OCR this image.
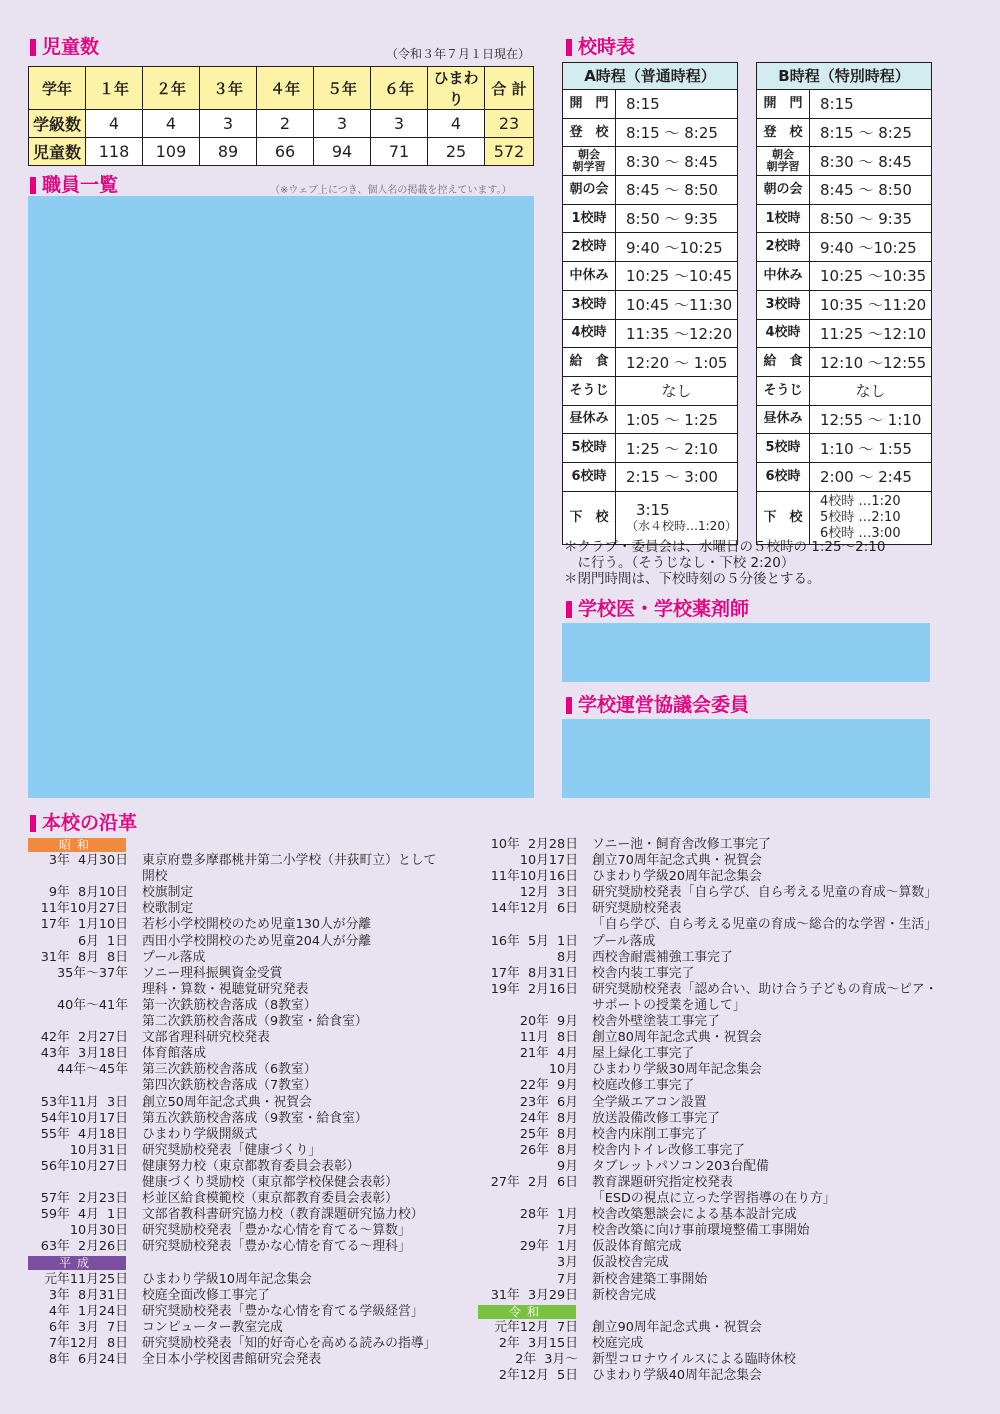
児童数	（令和３年７月１日現在）
学年	１年	２年	３年	４年	５年	６年	ひまわり	合 計
学級数	4	4	3	2	3	3	4	23
児童数	118	109	89	66	94	71	25	572
職員一覧	（※ウェブ上につき、個人名の掲載を控えています。）
校時表
A時程（普通時程）
開　門	8:15
登　校	8:15 〜 8:25
朝会
朝学習	8:30 〜 8:45
朝の会	8:45 〜 8:50
1校時	8:50 〜 9:35
2校時	9:40 〜10:25
中休み	10:25 〜10:45
3校時	10:45 〜11:30
4校時	11:35 〜12:20
給　食	12:20 〜 1:05
そうじ	なし
昼休み	1:05 〜 1:25
5校時	1:25 〜 2:10
6校時	2:15 〜 3:00
下　校	3:15
（水４校時…1:20）
B時程（特別時程）
開　門	8:15
登　校	8:15 〜 8:25
朝会
朝学習	8:30 〜 8:45
朝の会	8:45 〜 8:50
1校時	8:50 〜 9:35
2校時	9:40 〜10:25
中休み	10:25 〜10:35
3校時	10:35 〜11:20
4校時	11:25 〜12:10
給　食	12:10 〜12:55
そうじ	なし
昼休み	12:55 〜 1:10
5校時	1:10 〜 1:55
6校時	2:00 〜 2:45
下　校
4校時 …1:20
5校時 …2:10
6校時 …3:00
＊クラブ・委員会は、水曜日の５校時の 1:25〜2:10
　に行う。（そうじなし・下校 2:20）
＊閉門時間は、下校時刻の５分後とする。
学校医・学校薬剤師
学校運営協議会委員
本校の沿革
昭和
3年  4月30日 東京府豊多摩郡桃井第二小学校（井荻町立）として
開校
9年  8月10日 校旗制定
11年10月27日 校歌制定
17年  1月10日 若杉小学校開校のため児童130人が分離
6月  1日 西田小学校開校のため児童204人が分離
31年  8月  8日 プール落成
35年〜37年 ソニー理科振興資金受賞
理科・算数・視聴覚研究発表
40年〜41年 第一次鉄筋校舎落成（8教室）
第二次鉄筋校舎落成（9教室・給食室）
42年  2月27日 文部省理科研究校発表
43年  3月18日 体育館落成
44年〜45年 第三次鉄筋校舎落成（6教室）
第四次鉄筋校舎落成（7教室）
53年11月  3日 創立50周年記念式典・祝賀会
54年10月17日 第五次鉄筋校舎落成（9教室・給食室）
55年  4月18日 ひまわり学級開級式
10月31日 研究奨励校発表「健康づくり」
56年10月27日 健康努力校（東京都教育委員会表彰）
健康づくり奨励校（東京都学校保健会表彰）
57年  2月23日 杉並区給食模範校（東京都教育委員会表彰）
59年  4月  1日 文部省教科書研究協力校（教育課題研究協力校）
10月30日 研究奨励校発表「豊かな心情を育てる〜算数」
63年  2月26日 研究奨励校発表「豊かな心情を育てる〜理科」
平成
元年11月25日 ひまわり学級10周年記念集会
3年  8月31日 校庭全面改修工事完了
4年  1月24日 研究奨励校発表「豊かな心情を育てる学級経営」
6年  3月  7日 コンピューター教室完成
7年12月  8日 研究奨励校発表「知的好奇心を高める読みの指導」
8年  6月24日 全日本小学校図書館研究会発表
10年  2月28日 ソニー池・飼育舎改修工事完了
10月17日 創立70周年記念式典・祝賀会
11年10月16日 ひまわり学級20周年記念集会
12月  3日 研究奨励校発表「自ら学び、自ら考える児童の育成〜算数」
14年12月  6日 研究奨励校発表
「自ら学び、自ら考える児童の育成〜総合的な学習・生活」
16年  5月  1日 プール落成
8月 西校舎耐震補強工事完了
17年  8月31日 校舎内装工事完了
19年  2月16日 研究奨励校発表「認め合い、助け合う子どもの育成〜ピア・
サポートの授業を通して」
20年  9月 校舎外壁塗装工事完了
11月  8日 創立80周年記念式典・祝賀会
21年  4月 屋上緑化工事完了
10月 ひまわり学級30周年記念集会
22年  9月 校庭改修工事完了
23年  6月 全学級エアコン設置
24年  8月 放送設備改修工事完了
25年  8月 校舎内床削工事完了
26年  8月 校舎内トイレ改修工事完了
9月 タブレットパソコン203台配備
27年  2月  6日 教育課題研究指定校発表
「ESDの視点に立った学習指導の在り方」
28年  1月 校舎改築懇談会による基本設計完成
7月 校舎改築に向け事前環境整備工事開始
29年  1月 仮設体育館完成
3月 仮設校舎完成
7月 新校舎建築工事開始
31年  3月29日 新校舎完成
令和
元年12月  7日 創立90周年記念式典・祝賀会
2年  3月15日 校庭完成
2年  3月〜 新型コロナウイルスによる臨時休校
2年12月  5日 ひまわり学級40周年記念集会
